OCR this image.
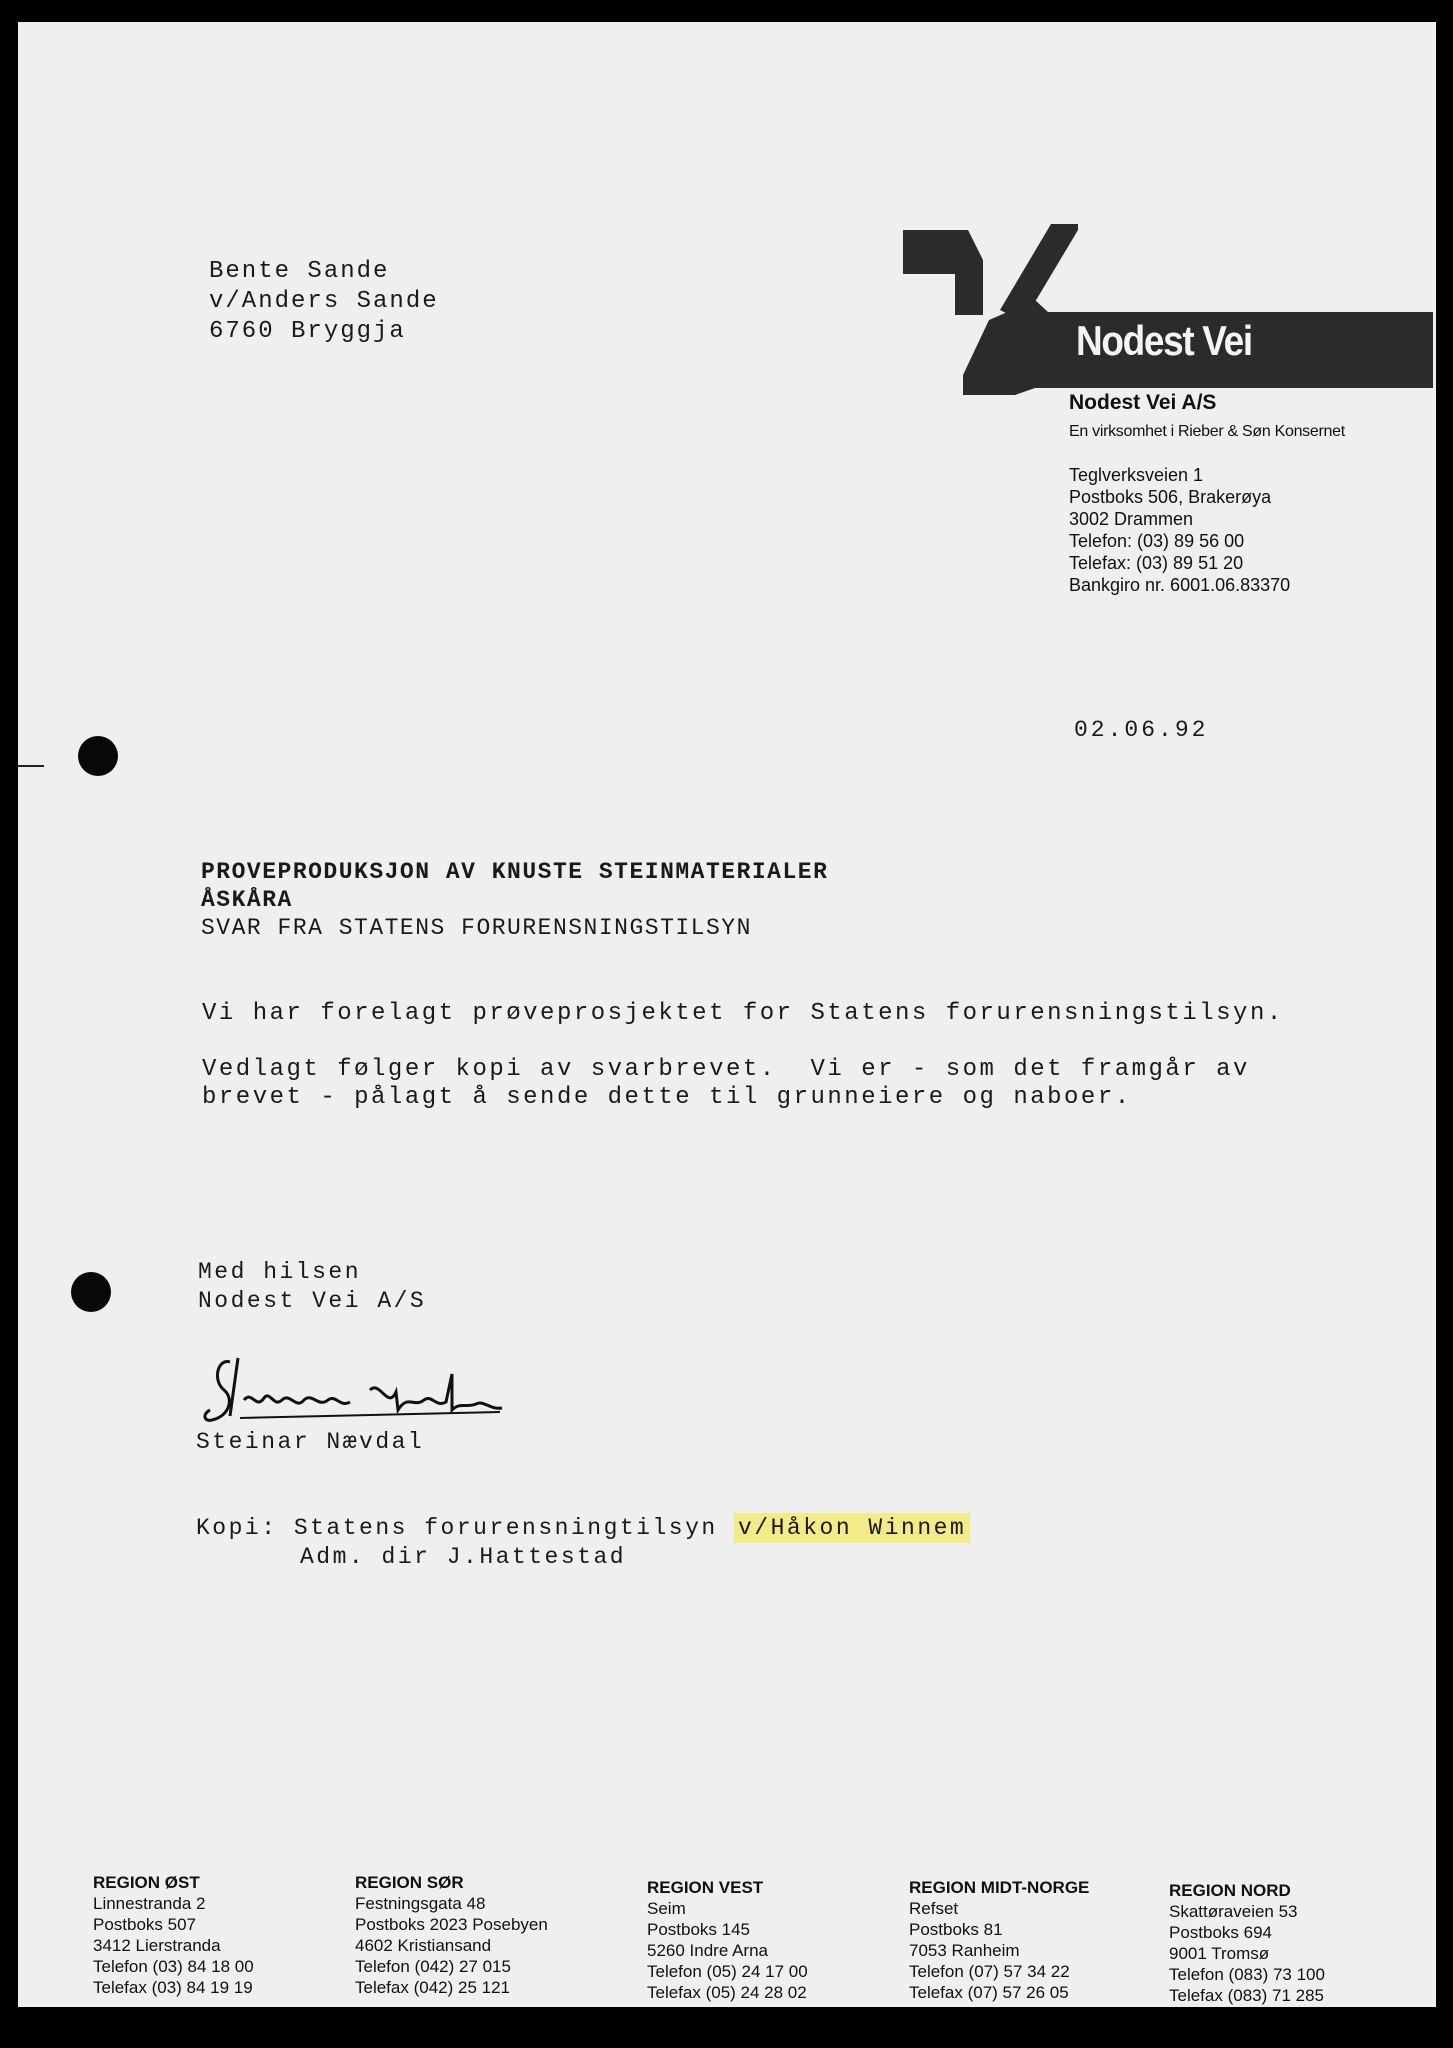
Bente Sande
v/Anders Sande
6760 Bryggja	Nodest Vei
Nodest Vei A/S
En virksomhet i Rieber & Søn Konsernet
Teglverksveien 1
Postboks 506, Brakerøya
3002 Drammen
Telefon: (03) 89 56 00
Telefax: (03) 89 51 20
Bankgiro nr. 6001.06.83370
02.06.92
PROVEPRODUKSJON AV KNUSTE STEINMATERIALER
ÅSKÅRA
SVAR FRA STATENS FORURENSNINGSTILSYN

Vi har forelagt prøveprosjektet for Statens forurensningstilsyn.

Vedlagt følger kopi av svarbrevet.  Vi er - som det framgår av
brevet - pålagt å sende dette til grunneiere og naboer.

Med hilsen
Nodest Vei A/S
Steinar Nævdal
Kopi: Statens forurensningtilsyn v/Håkon Winnem
Adm. dir J.Hattestad
REGION ØST
Linnestranda 2
Postboks 507
3412 Lierstranda
Telefon (03) 84 18 00
Telefax (03) 84 19 19
REGION SØR
Festningsgata 48
Postboks 2023 Posebyen
4602 Kristiansand
Telefon (042) 27 015
Telefax (042) 25 121
REGION VEST
Seim
Postboks 145
5260 Indre Arna
Telefon (05) 24 17 00
Telefax (05) 24 28 02
REGION MIDT-NORGE
Refset
Postboks 81
7053 Ranheim
Telefon (07) 57 34 22
Telefax (07) 57 26 05
REGION NORD
Skattøraveien 53
Postboks 694
9001 Tromsø
Telefon (083) 73 100
Telefax (083) 71 285
